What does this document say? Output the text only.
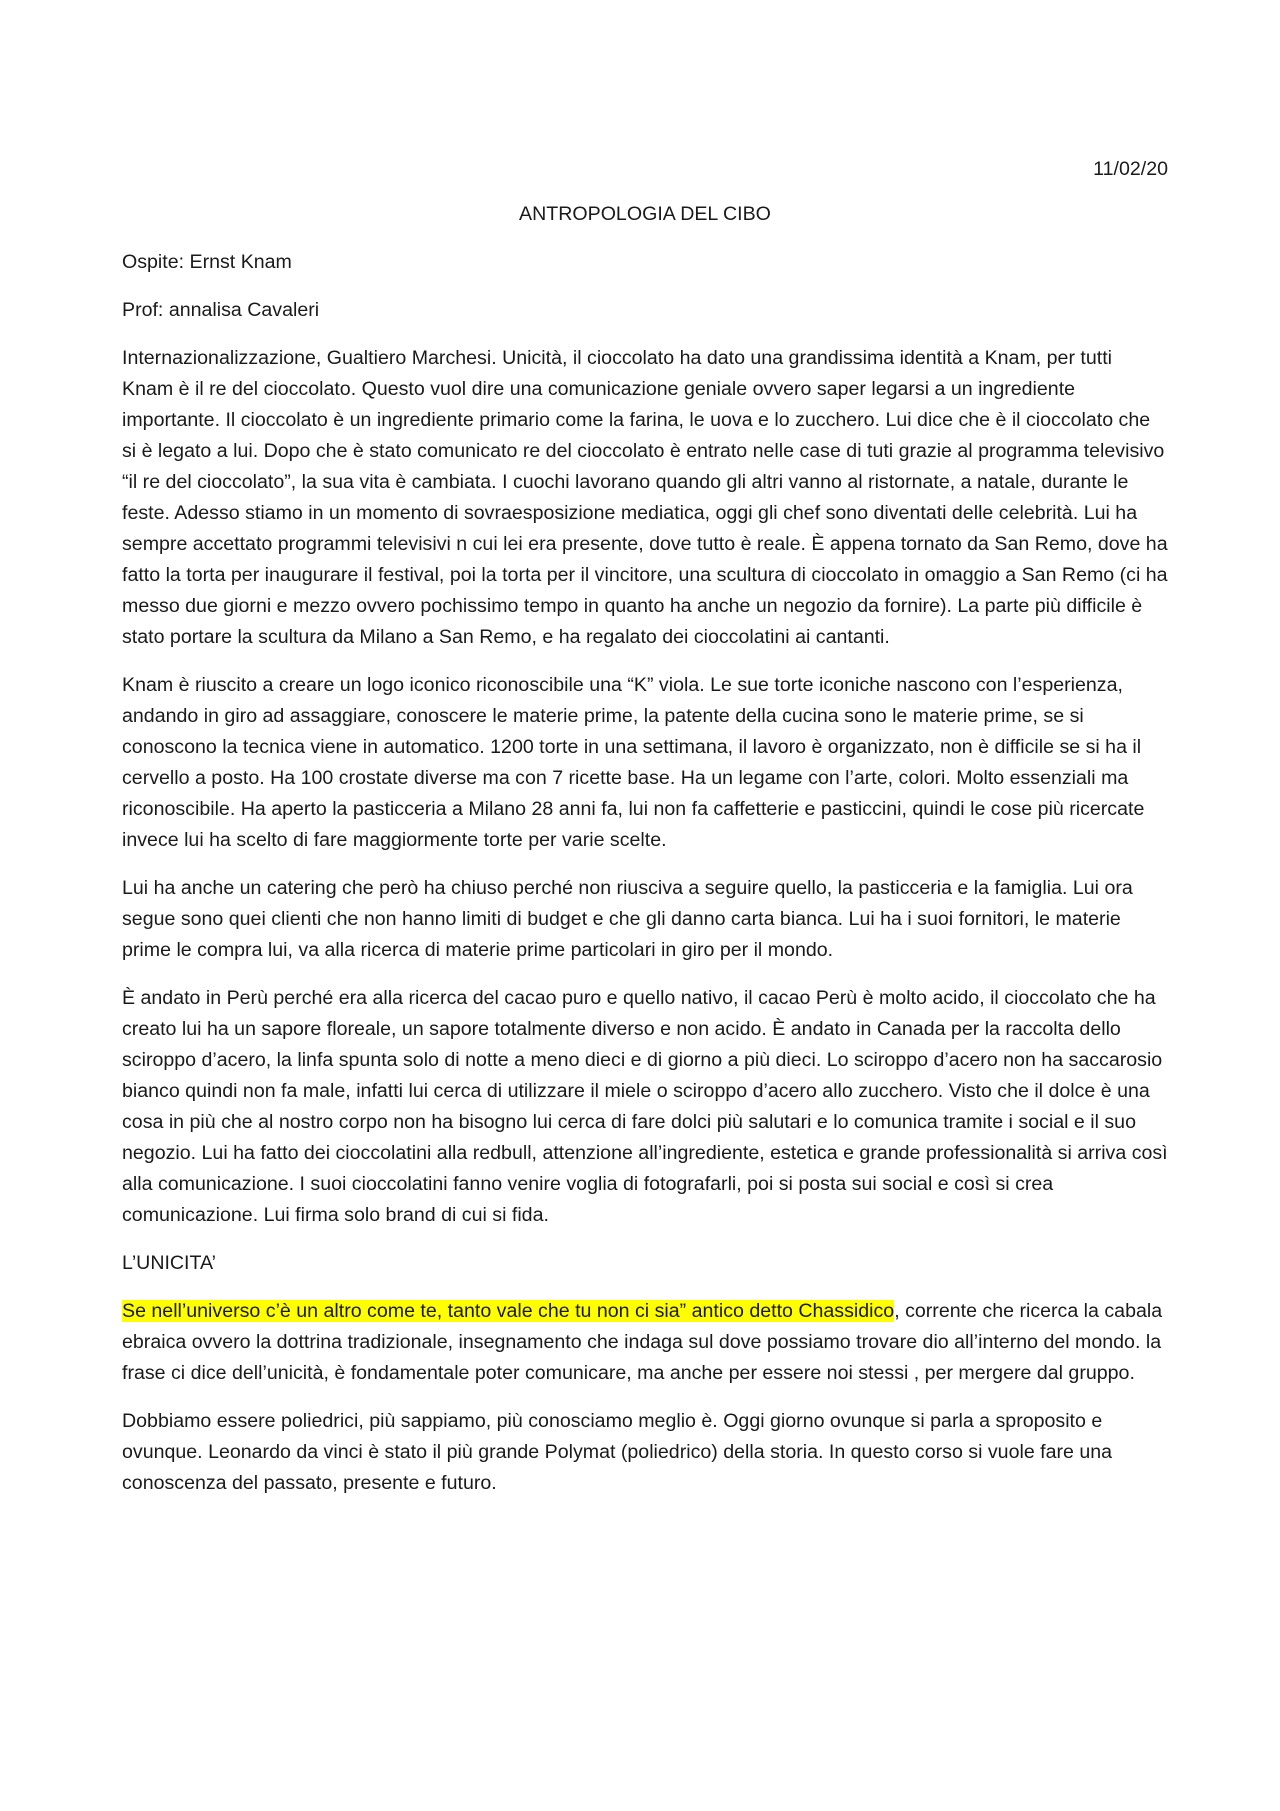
11/02/20
ANTROPOLOGIA DEL CIBO
Ospite: Ernst Knam
Prof: annalisa Cavaleri

Internazionalizzazione, Gualtiero Marchesi. Unicità, il cioccolato ha dato una grandissima identità a Knam, per tutti Knam è il re del cioccolato. Questo vuol dire una comunicazione geniale ovvero saper legarsi a un ingrediente importante. Il cioccolato è un ingrediente primario come la farina, le uova e lo zucchero. Lui dice che è il cioccolato che si è legato a lui. Dopo che è stato comunicato re del cioccolato è entrato nelle case di tuti grazie al programma televisivo “il re del cioccolato”, la sua vita è cambiata. I cuochi lavorano quando gli altri vanno al ristornate, a natale, durante le feste. Adesso stiamo in un momento di sovraesposizione mediatica, oggi gli chef sono diventati delle celebrità. Lui ha sempre accettato programmi televisivi n cui lei era presente, dove tutto è reale. È appena tornato da San Remo, dove ha fatto la torta per inaugurare il festival, poi la torta per il vincitore, una scultura di cioccolato in omaggio a San Remo (ci ha messo due giorni e mezzo ovvero pochissimo tempo in quanto ha anche un negozio da fornire). La parte più difficile è stato portare la scultura da Milano a San Remo, e ha regalato dei cioccolatini ai cantanti.

Knam è riuscito a creare un logo iconico riconoscibile una “K” viola. Le sue torte iconiche nascono con l’esperienza, andando in giro ad assaggiare, conoscere le materie prime, la patente della cucina sono le materie prime, se si conoscono la tecnica viene in automatico. 1200 torte in una settimana, il lavoro è organizzato, non è difficile se si ha il cervello a posto. Ha 100 crostate diverse ma con 7 ricette base. Ha un legame con l’arte, colori. Molto essenziali ma riconoscibile. Ha aperto la pasticceria a Milano 28 anni fa, lui non fa caffetterie e pasticcini, quindi le cose più ricercate invece lui ha scelto di fare maggiormente torte per varie scelte.

Lui ha anche un catering che però ha chiuso perché non riusciva a seguire quello, la pasticceria e la famiglia. Lui ora segue sono quei clienti che non hanno limiti di budget e che gli danno carta bianca. Lui ha i suoi fornitori, le materie prime le compra lui, va alla ricerca di materie prime particolari in giro per il mondo.

È andato in Perù perché era alla ricerca del cacao puro e quello nativo, il cacao Perù è molto acido, il cioccolato che ha creato lui ha un sapore floreale, un sapore totalmente diverso e non acido. È andato in Canada per la raccolta dello sciroppo d’acero, la linfa spunta solo di notte a meno dieci e di giorno a più dieci. Lo sciroppo d’acero non ha saccarosio bianco quindi non fa male, infatti lui cerca di utilizzare il miele o sciroppo d’acero allo zucchero. Visto che il dolce è una cosa in più che al nostro corpo non ha bisogno lui cerca di fare dolci più salutari e lo comunica tramite i social e il suo negozio. Lui ha fatto dei cioccolatini alla redbull, attenzione all’ingrediente, estetica e grande professionalità si arriva così alla comunicazione. I suoi cioccolatini fanno venire voglia di fotografarli, poi si posta sui social e così si crea comunicazione. Lui firma solo brand di cui si fida.

L’UNICITA’

Se nell’universo c’è un altro come te, tanto vale che tu non ci sia” antico detto Chassidico, corrente che ricerca la cabala ebraica ovvero la dottrina tradizionale, insegnamento che indaga sul dove possiamo trovare dio all’interno del mondo. la frase ci dice dell’unicità, è fondamentale poter comunicare, ma anche per essere noi stessi , per mergere dal gruppo.

Dobbiamo essere poliedrici, più sappiamo, più conosciamo meglio è. Oggi giorno ovunque si parla a sproposito e ovunque. Leonardo da vinci è stato il più grande Polymat (poliedrico) della storia. In questo corso si vuole fare una conoscenza del passato, presente e futuro.
